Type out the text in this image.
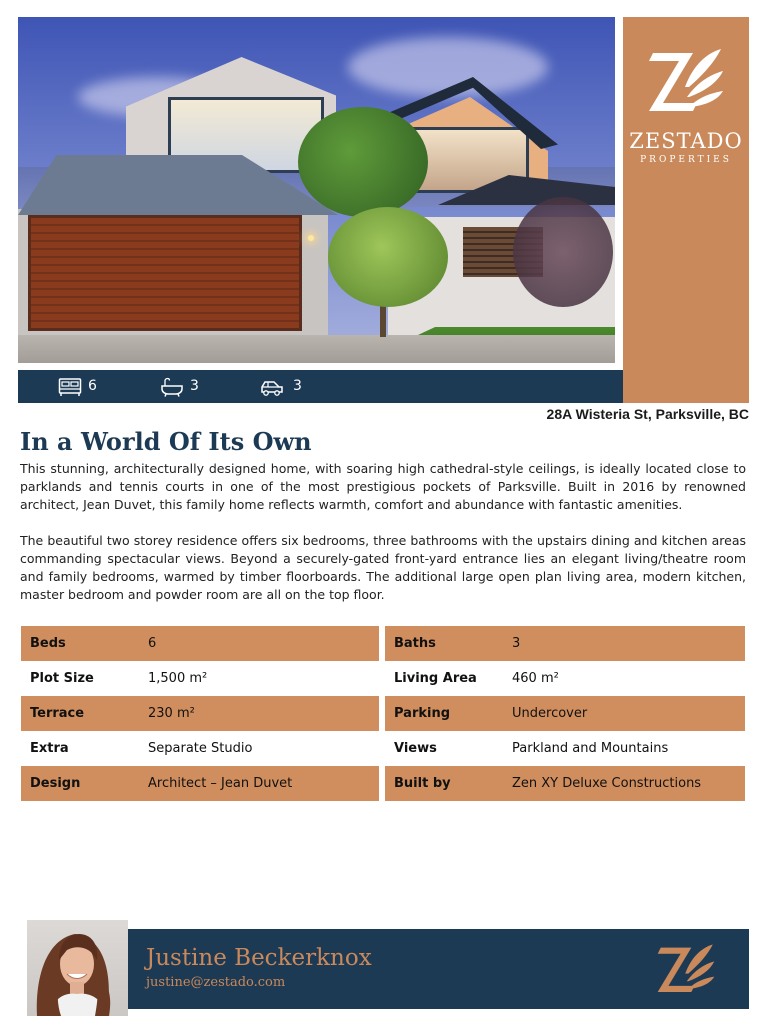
ZESTADO
PROPERTIES
6	3	3
28A Wisteria St, Parksville, BC
In a World Of Its Own

This stunning, architecturally designed home, with soaring high cathedral-style ceilings, is ideally located close to parklands and tennis courts in one of the most prestigious pockets of Parksville. Built in 2016 by renowned architect, Jean Duvet, this family home reflects warmth, comfort and abundance with fantastic amenities.

The beautiful two storey residence offers six bedrooms, three bathrooms with the upstairs dining and kitchen areas commanding spectacular views. Beyond a securely-gated front-yard entrance lies an elegant living/theatre room and family bedrooms, warmed by timber floorboards. The additional large open plan living area, modern kitchen, master bedroom and powder room are all on the top floor.

Beds	6	Baths	3
Plot Size	1,500 m²	Living Area	460 m²
Terrace	230 m²	Parking	Undercover
Extra	Separate Studio	Views	Parkland and Mountains
Design	Architect – Jean Duvet	Built by	Zen XY Deluxe Constructions
Justine Beckerknox
justine@zestado.com
